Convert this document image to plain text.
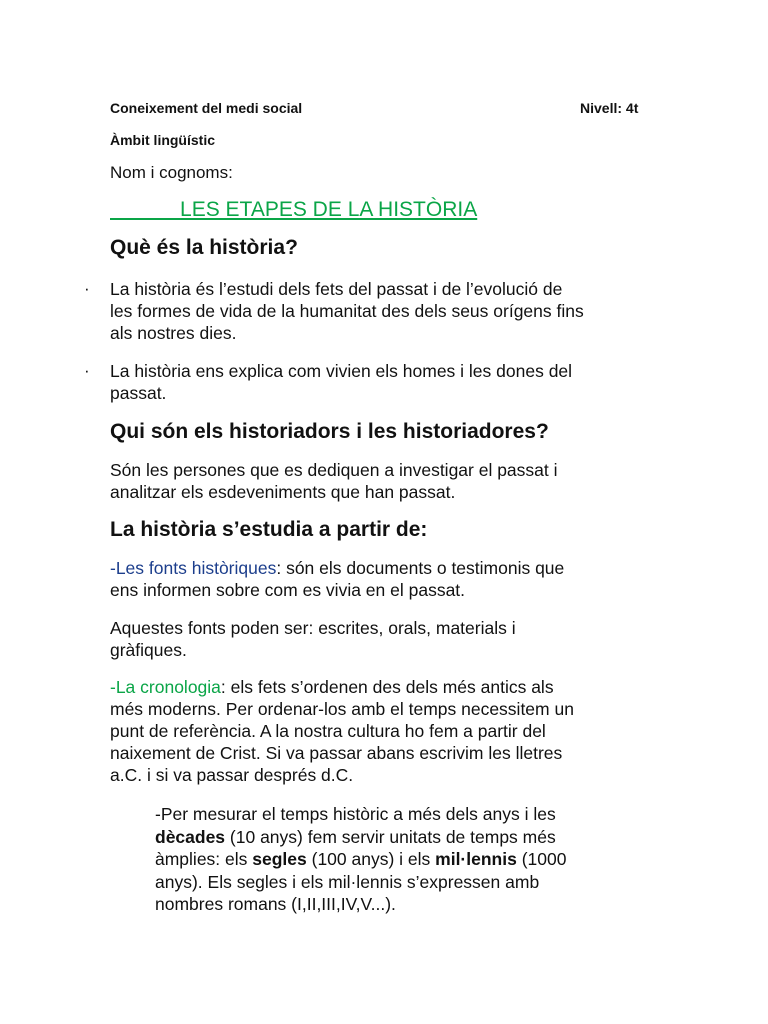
Coneixement del medi social	Nivell: 4t
Àmbit lingüístic
Nom i cognoms:
LES ETAPES DE LA HISTÒRIA
Què és la història?
· La història és l’estudi dels fets del passat i de l’evolució de
les formes de vida de la humanitat des dels seus orígens fins
als nostres dies.
· La història ens explica com vivien els homes i les dones del
passat.
Qui són els historiadors i les historiadores?
Són les persones que es dediquen a investigar el passat i
analitzar els esdeveniments que han passat.
La història s’estudia a partir de:
-Les fonts històriques: són els documents o testimonis que
ens informen sobre com es vivia en el passat.
Aquestes fonts poden ser: escrites, orals, materials i
gràfiques.
-La cronologia: els fets s’ordenen des dels més antics als
més moderns. Per ordenar-los amb el temps necessitem un
punt de referència. A la nostra cultura ho fem a partir del
naixement de Crist. Si va passar abans escrivim les lletres
a.C. i si va passar després d.C.
-Per mesurar el temps històric a més dels anys i les
dècades (10 anys) fem servir unitats de temps més
àmplies: els segles (100 anys) i els mil·lennis (1000
anys). Els segles i els mil·lennis s’expressen amb
nombres romans (I,II,III,IV,V...).
